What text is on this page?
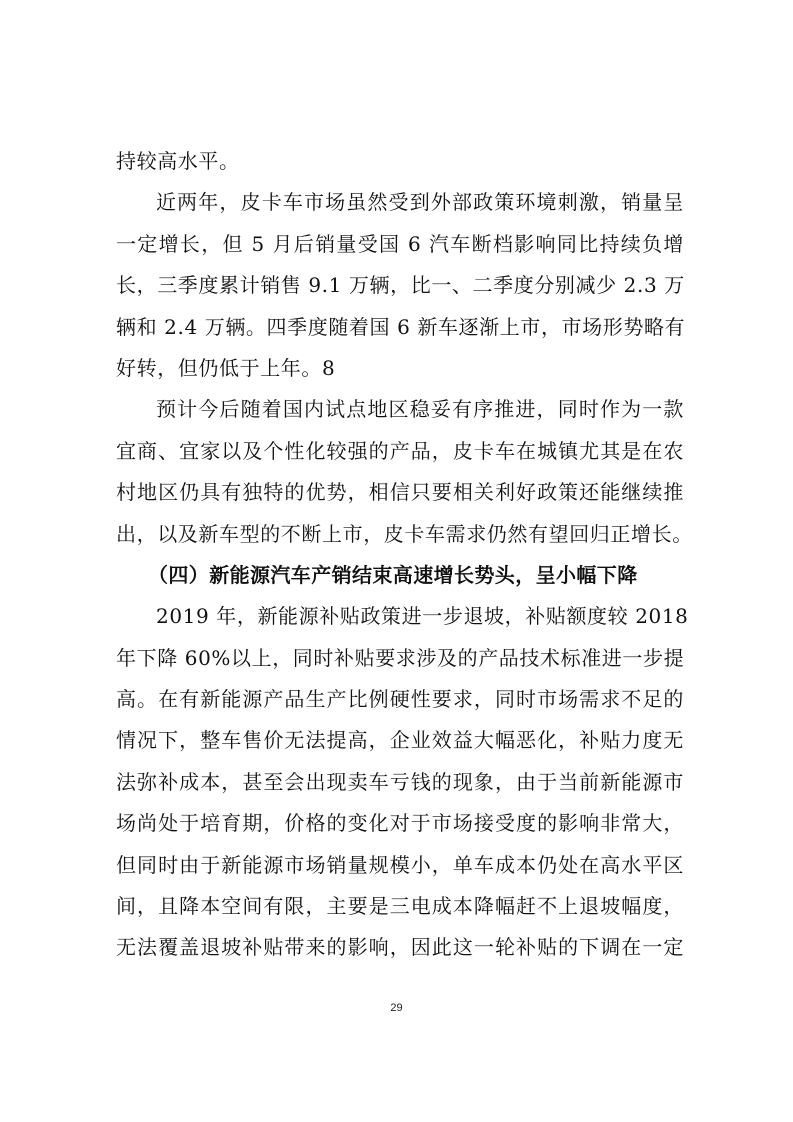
持较高水平。
近两年，皮卡车市场虽然受到外部政策环境刺激，销量呈
一定增长，但 5 月后销量受国 6 汽车断档影响同比持续负增
长，三季度累计销售 9.1 万辆，比一、二季度分别减少 2.3 万
辆和 2.4 万辆。四季度随着国 6 新车逐渐上市，市场形势略有
好转，但仍低于上年。8
预计今后随着国内试点地区稳妥有序推进，同时作为一款
宜商、宜家以及个性化较强的产品，皮卡车在城镇尤其是在农
村地区仍具有独特的优势，相信只要相关利好政策还能继续推
出，以及新车型的不断上市，皮卡车需求仍然有望回归正增长。
（四）新能源汽车产销结束高速增长势头，呈小幅下降
2019 年，新能源补贴政策进一步退坡，补贴额度较 2018
年下降 60%以上，同时补贴要求涉及的产品技术标准进一步提
高。在有新能源产品生产比例硬性要求，同时市场需求不足的
情况下，整车售价无法提高，企业效益大幅恶化，补贴力度无
法弥补成本，甚至会出现卖车亏钱的现象，由于当前新能源市
场尚处于培育期，价格的变化对于市场接受度的影响非常大，
但同时由于新能源市场销量规模小，单车成本仍处在高水平区
间，且降本空间有限，主要是三电成本降幅赶不上退坡幅度，
无法覆盖退坡补贴带来的影响，因此这一轮补贴的下调在一定
29
